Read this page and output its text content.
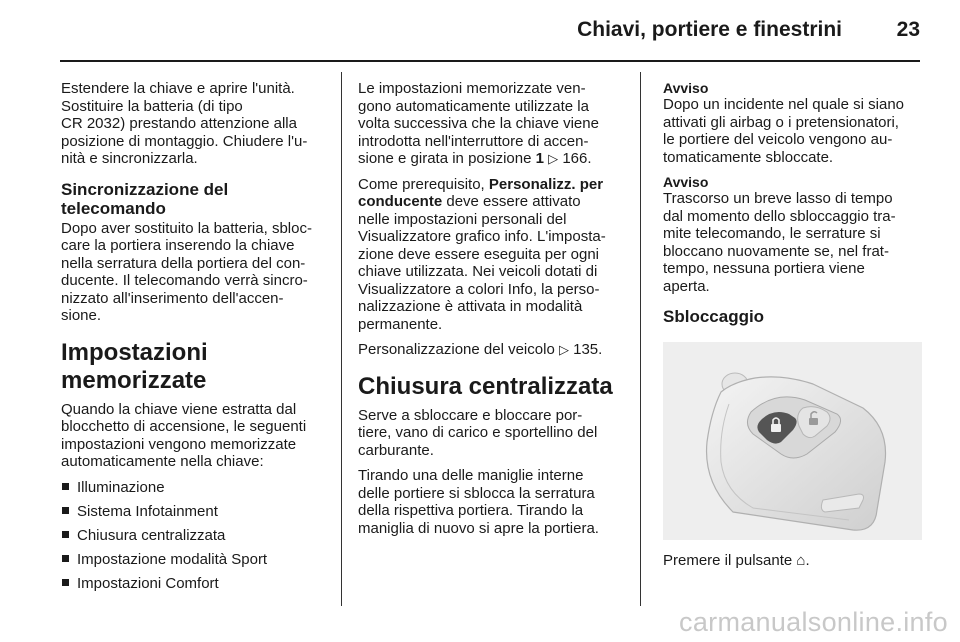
Chiavi, portiere e finestrini	23

Estendere la chiave e aprire l'unità.
Sostituire la batteria (di tipo
CR 2032) prestando attenzione alla
posizione di montaggio. Chiudere l'u-
nità e sincronizzarla.

Sincronizzazione del
telecomando

Dopo aver sostituito la batteria, sbloc-
care la portiera inserendo la chiave
nella serratura della portiera del con-
ducente. Il telecomando verrà sincro-
nizzato all'inserimento dell'accen-
sione.

Impostazioni memorizzate

Quando la chiave viene estratta dal
blocchetto di accensione, le seguenti
impostazioni vengono memorizzate
automaticamente nella chiave:

Illuminazione
Sistema Infotainment
Chiusura centralizzata
Impostazione modalità Sport
Impostazioni Comfort

Le impostazioni memorizzate ven-
gono automaticamente utilizzate la
volta successiva che la chiave viene
introdotta nell'interruttore di accen-
sione e girata in posizione 1 ▷ 166.

Come prerequisito, Personalizz. per
conducente deve essere attivato
nelle impostazioni personali del
Visualizzatore grafico info. L'imposta-
zione deve essere eseguita per ogni
chiave utilizzata. Nei veicoli dotati di
Visualizzatore a colori Info, la perso-
nalizzazione è attivata in modalità
permanente.

Personalizzazione del veicolo ▷ 135.

Chiusura centralizzata

Serve a sbloccare e bloccare por-
tiere, vano di carico e sportellino del
carburante.

Tirando una delle maniglie interne
delle portiere si sblocca la serratura
della rispettiva portiera. Tirando la
maniglia di nuovo si apre la portiera.

Avviso

Dopo un incidente nel quale si siano
attivati gli airbag o i pretensionatori,
le portiere del veicolo vengono au-
tomaticamente sbloccate.

Avviso

Trascorso un breve lasso di tempo
dal momento dello sbloccaggio tra-
mite telecomando, le serrature si
bloccano nuovamente se, nel frat-
tempo, nessuna portiera viene
aperta.

Sbloccaggio

Premere il pulsante ⌂.

carmanualsonline.info
